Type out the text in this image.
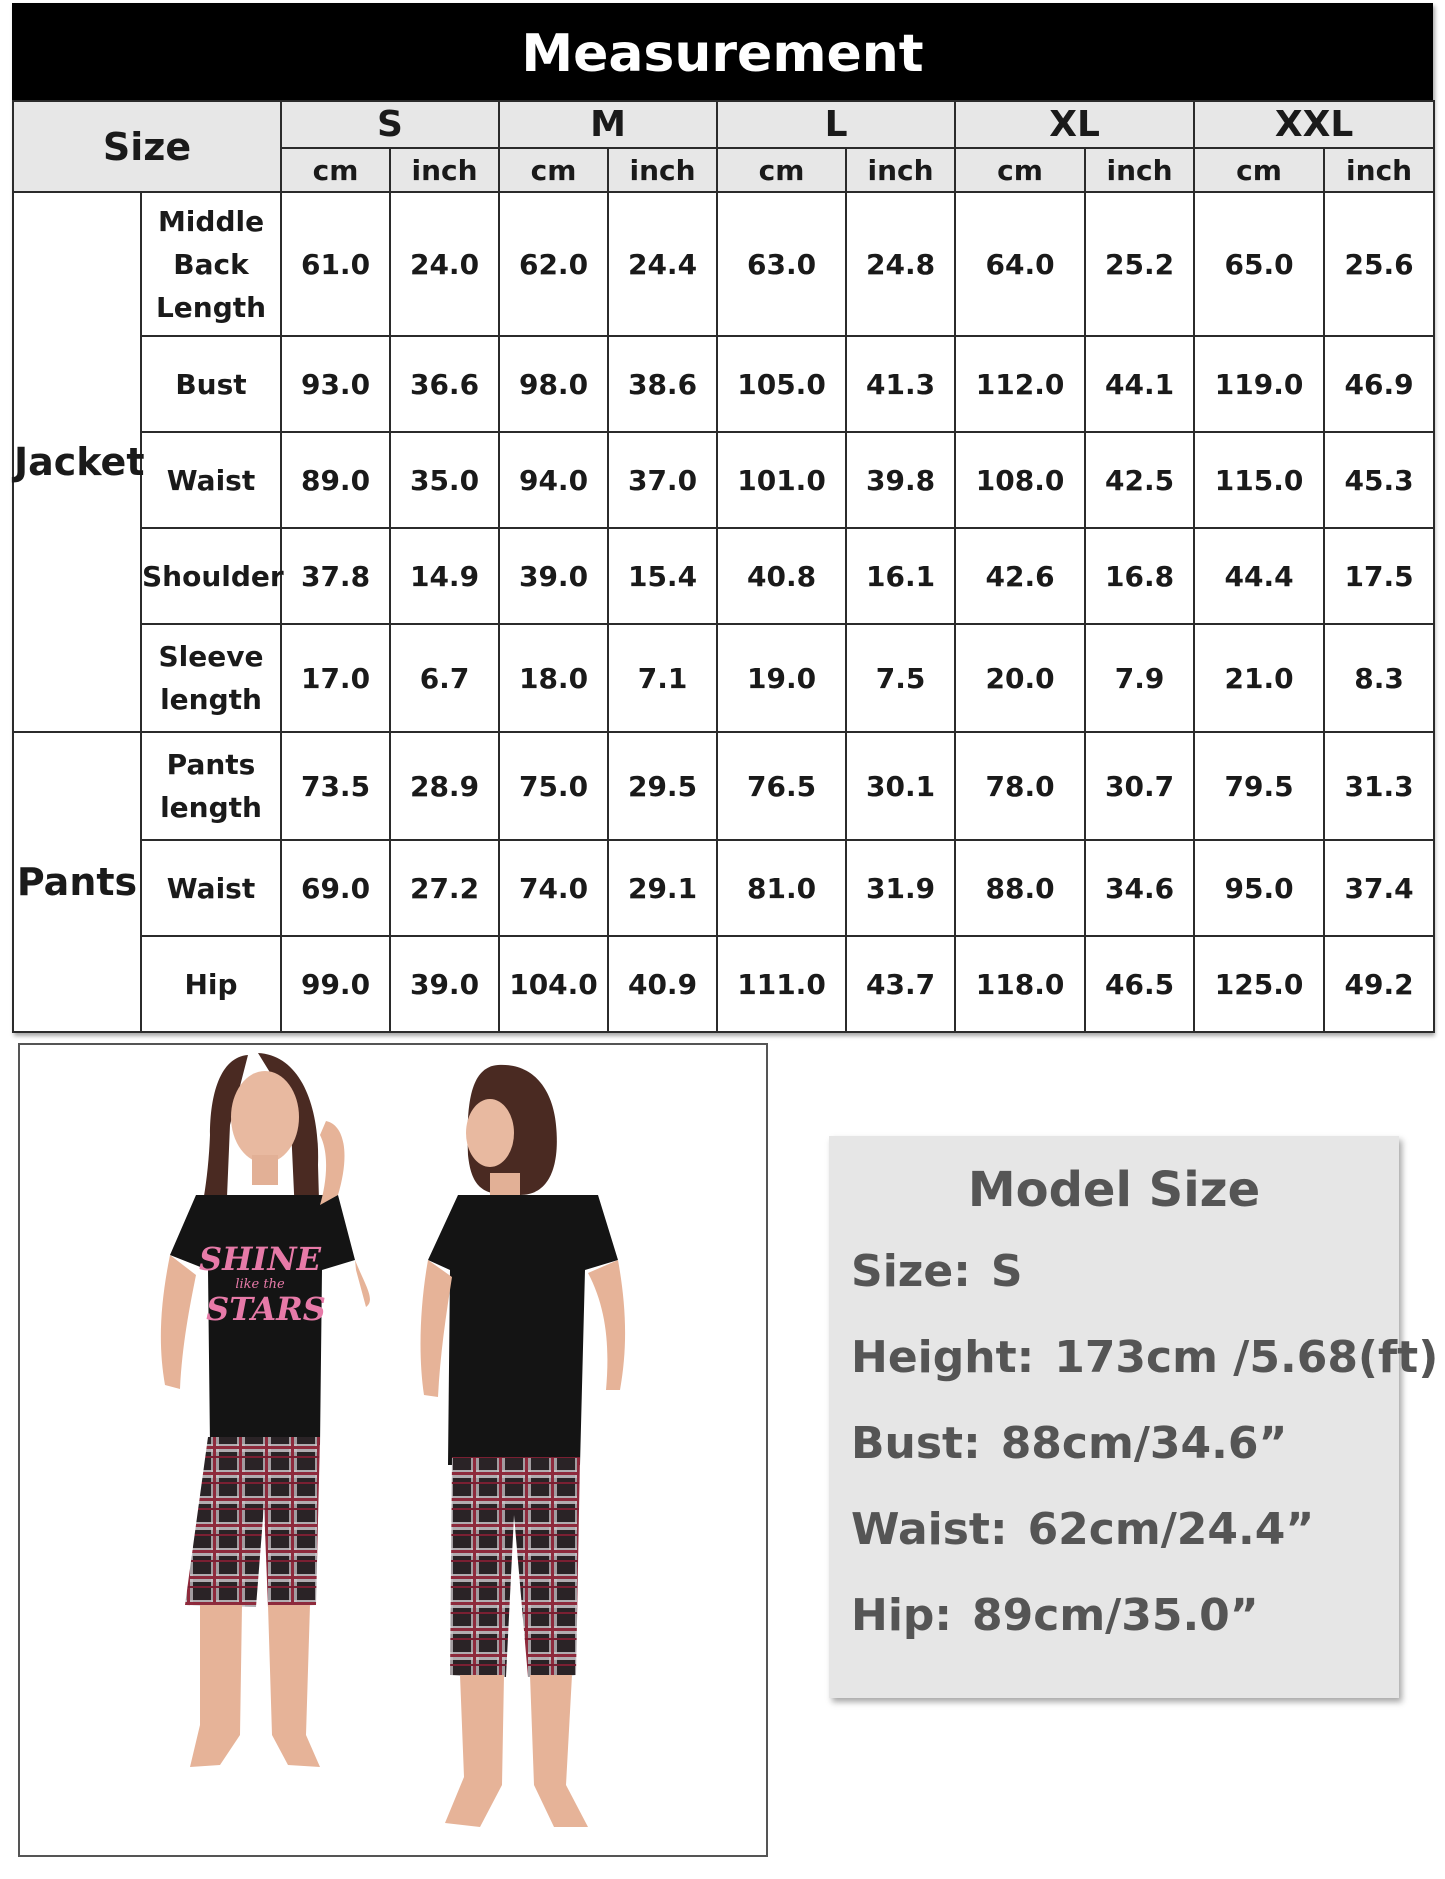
Measurement
Size		S		M		L		XL		XXL	
		cm	inch	cm	inch	cm	inch	cm	inch	cm	inch
Jacket	Middle
Back
Length	61.0	24.0	62.0	24.4	63.0	24.8	64.0	25.2	65.0	25.6

	Bust	93.0	36.6	98.0	38.6	105.0	41.3	112.0	44.1	119.0	46.9

	Waist	89.0	35.0	94.0	37.0	101.0	39.8	108.0	42.5	115.0	45.3

	Shoulder	37.8	14.9	39.0	15.4	40.8	16.1	42.6	16.8	44.4	17.5

	Sleeve
length	17.0	6.7	18.0	7.1	19.0	7.5	20.0	7.9	21.0	8.3
Pants	Pants
length	73.5	28.9	75.0	29.5	76.5	30.1	78.0	30.7	79.5	31.3

	Waist	69.0	27.2	74.0	29.1	81.0	31.9	88.0	34.6	95.0	37.4

	Hip	99.0	39.0	104.0	40.9	111.0	43.7	118.0	46.5	125.0	49.2
SHINE
like the
STARS
Model Size
Size: S
Height: 173cm /5.68(ft)
Bust: 88cm/34.6”
Waist: 62cm/24.4”
Hip: 89cm/35.0”
